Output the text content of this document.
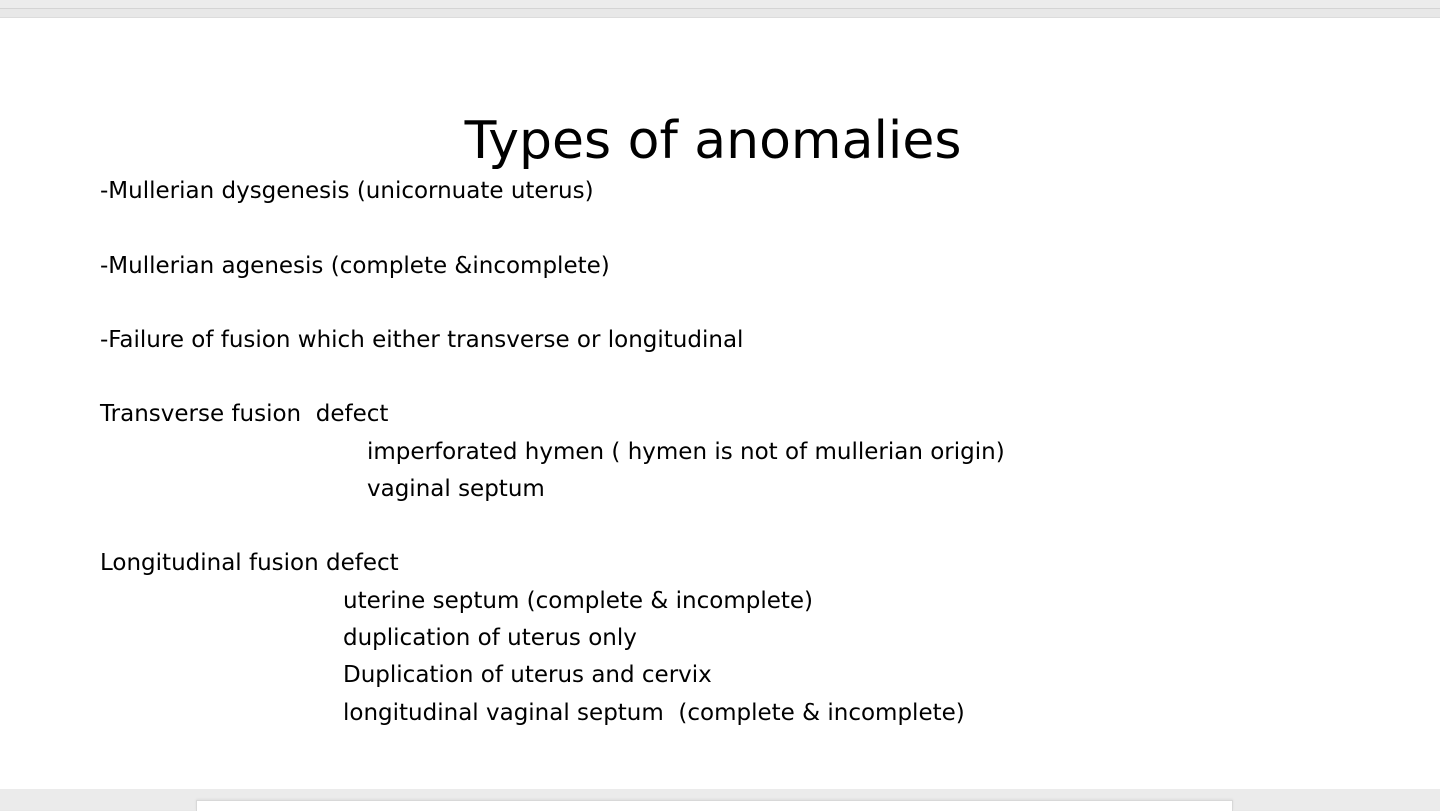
Types of anomalies
-Mullerian dysgenesis (unicornuate uterus)
-Mullerian agenesis (complete &incomplete)
-Failure of fusion which either transverse or longitudinal
Transverse fusion  defect
imperforated hymen ( hymen is not of mullerian origin)
vaginal septum
Longitudinal fusion defect
uterine septum (complete & incomplete)
duplication of uterus only
Duplication of uterus and cervix
longitudinal vaginal septum  (complete & incomplete)
